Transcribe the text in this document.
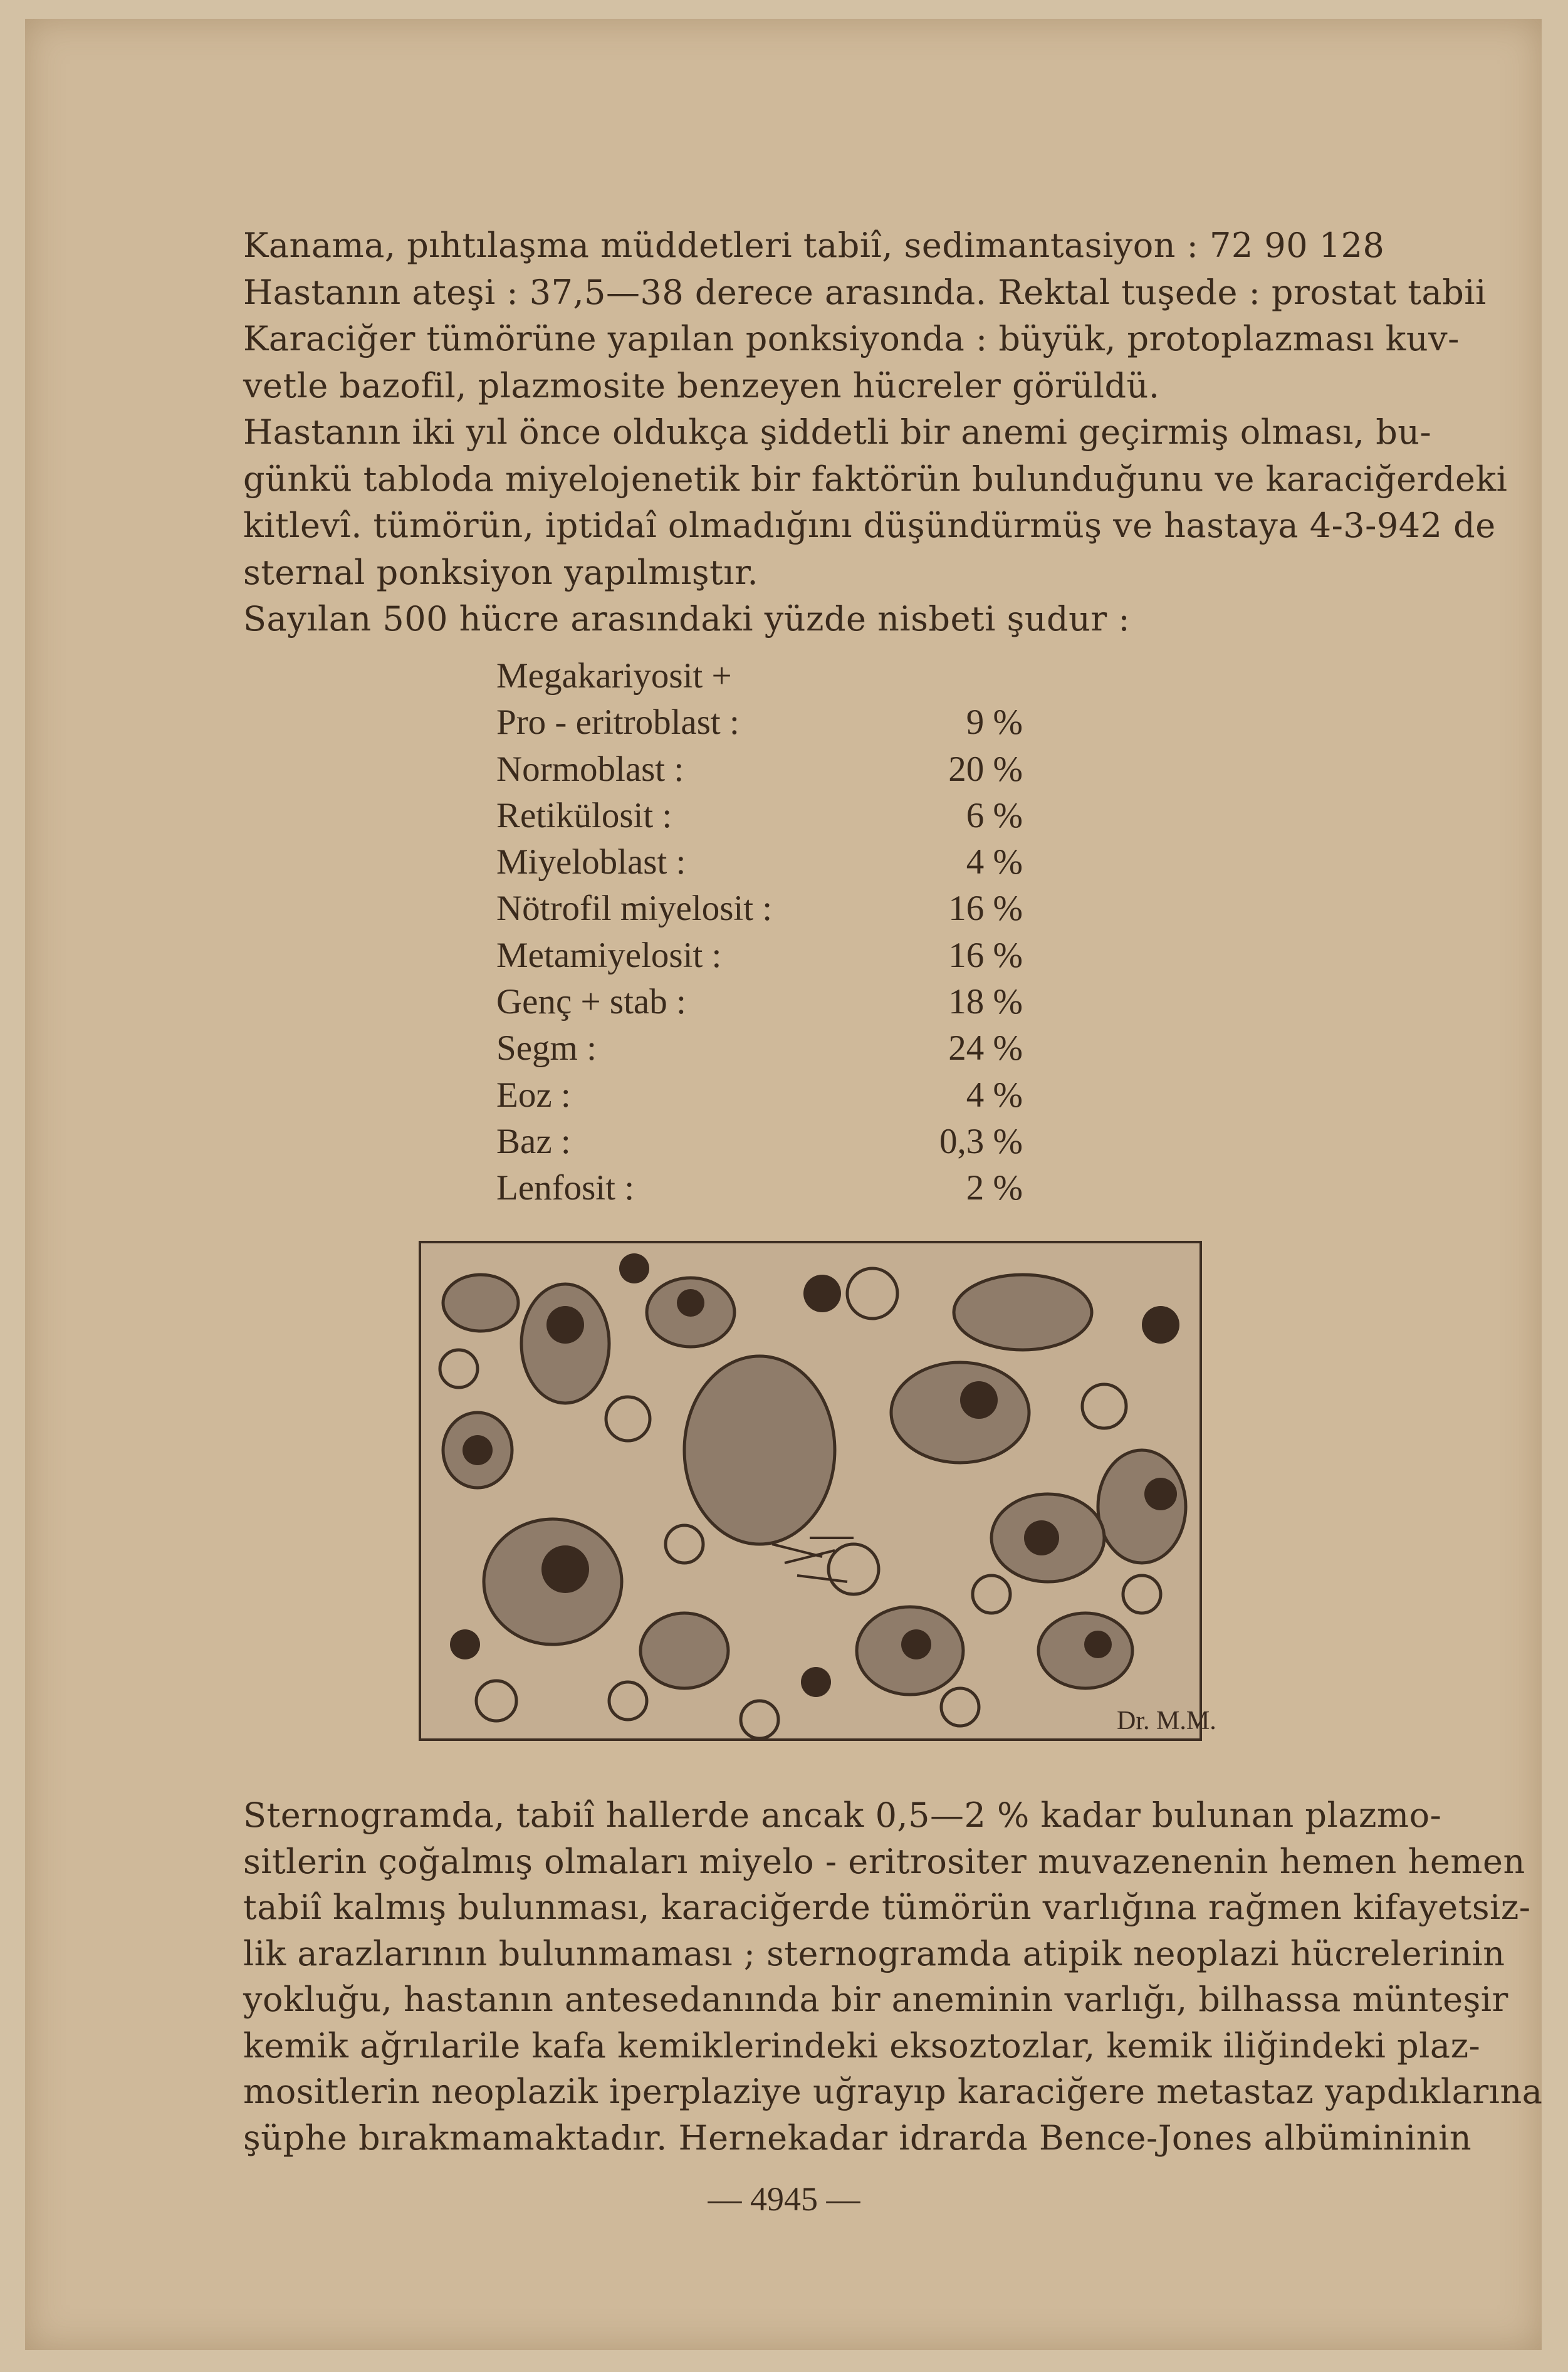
Kanama, pıhtılaşma müddetleri tabiî, sedimantasiyon : 72 90 128
Hastanın ateşi : 37,5—38 derece arasında. Rektal tuşede : prostat tabii
Karaciğer tümörüne yapılan ponksiyonda : büyük, protoplazması kuv-
vetle bazofil, plazmosite benzeyen hücreler görüldü.
Hastanın iki yıl önce oldukça şiddetli bir anemi geçirmiş olması, bu-
günkü tabloda miyelojenetik bir faktörün bulunduğunu ve karaciğerdeki
kitlevî. tümörün, iptidaî olmadığını düşündürmüş ve hastaya 4-3-942 de
sternal ponksiyon yapılmıştır.
Sayılan 500 hücre arasındaki yüzde nisbeti şudur :
Megakariyosit +
Pro - eritroblast :	9 %
Normoblast :	20 %
Retikülosit :	6 %
Miyeloblast :	4 %
Nötrofil miyelosit :	16 %
Metamiyelosit :	16 %
Genç + stab :	18 %
Segm :	24 %
Eoz :	4 %
Baz :	0,3 %
Lenfosit :	2 %
Dr. M.M.
Sternogramda, tabiî hallerde ancak 0,5—2 % kadar bulunan plazmo-
sitlerin çoğalmış olmaları miyelo - eritrositer muvazenenin hemen hemen
tabiî kalmış bulunması, karaciğerde tümörün varlığına rağmen kifayetsiz-
lik arazlarının bulunmaması ; sternogramda atipik neoplazi hücrelerinin
yokluğu, hastanın antesedanında bir aneminin varlığı, bilhassa münteşir
kemik ağrılarile kafa kemiklerindeki eksoztozlar, kemik iliğindeki plaz-
mositlerin neoplazik iperplaziye uğrayıp karaciğere metastaz yapdıklarına
şüphe bırakmamaktadır. Hernekadar idrarda Bence-Jones albümininin
— 4945 —
